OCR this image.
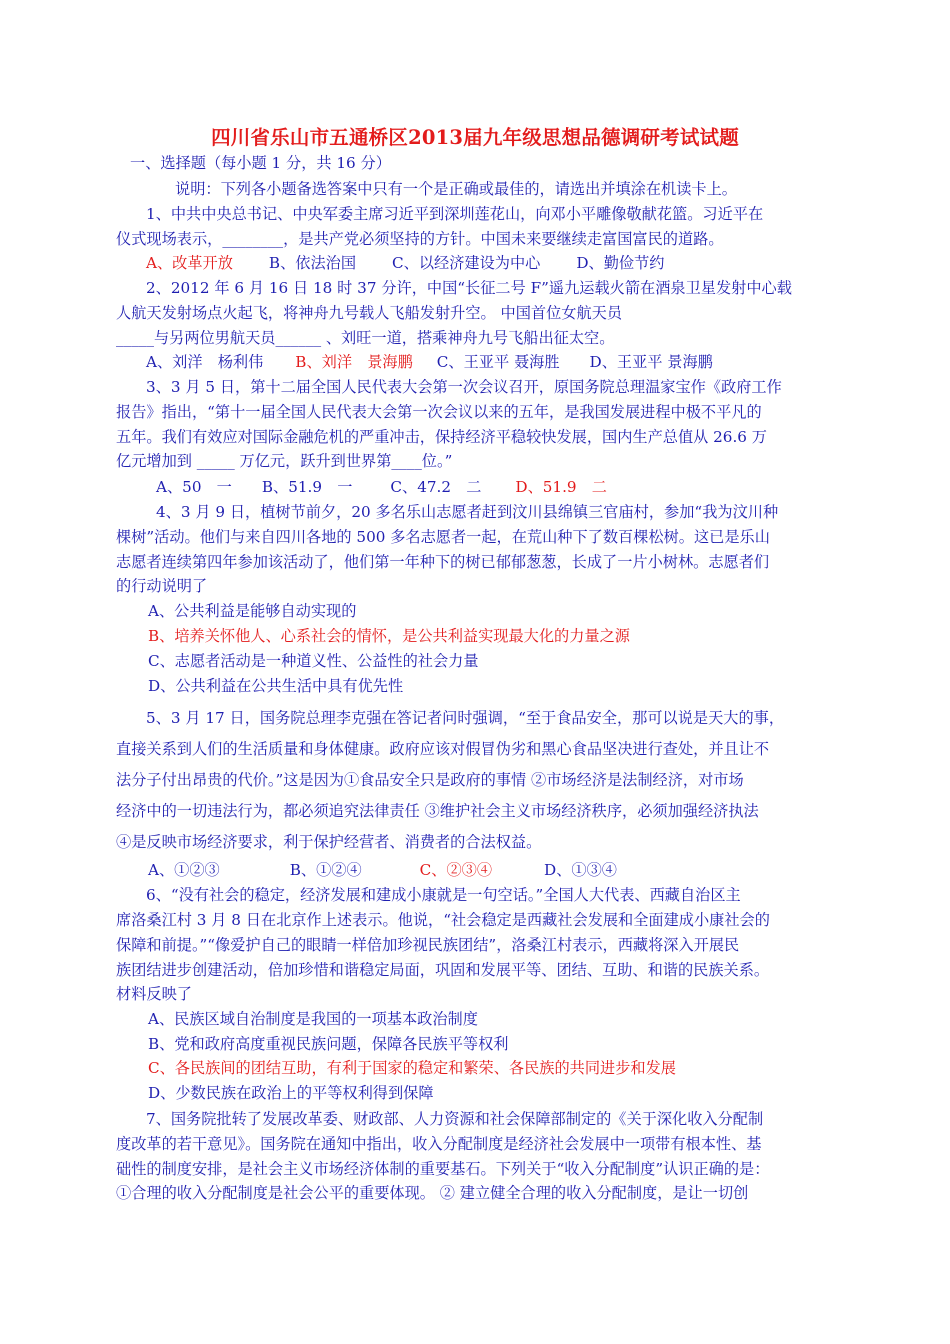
四川省乐山市五通桥区2013届九年级思想品德调研考试试题
一、选择题（每小题 1 分，共 16 分）
说明：下列各小题备选答案中只有一个是正确或最佳的，请选出并填涂在机读卡上。
1、中共中央总书记、中央军委主席习近平到深圳莲花山，向邓小平雕像敬献花篮。习近平在
仪式现场表示，________，是共产党必须坚持的方针。中国未来要继续走富国富民的道路。
A、改革开放 B、依法治国 C、以经济建设为中心 D、勤俭节约
2、2012 年 6 月 16 日 18 时 37 分许，中国“长征二号 F”遥九运载火箭在酒泉卫星发射中心载
人航天发射场点火起飞，将神舟九号载人飞船发射升空。 中国首位女航天员
_____与另两位男航天员______ 、刘旺一道，搭乘神舟九号飞船出征太空。
A、刘洋　杨利伟 B、刘洋　景海鹏 C、王亚平 聂海胜 D、王亚平 景海鹏
3、3 月 5 日，第十二届全国人民代表大会第一次会议召开，原国务院总理温家宝作《政府工作
报告》指出，“第十一届全国人民代表大会第一次会议以来的五年，是我国发展进程中极不平凡的
五年。我们有效应对国际金融危机的严重冲击，保持经济平稳较快发展，国内生产总值从 26.6 万
亿元增加到 _____ 万亿元，跃升到世界第____位。”
A、50　一 B、51.9　一	C、47.2　二 D、51.9　二
4、3 月 9 日，植树节前夕，20 多名乐山志愿者赶到汶川县绵镇三官庙村，参加“我为汶川种
棵树”活动。他们与来自四川各地的 500 多名志愿者一起，在荒山种下了数百棵松树。这已是乐山
志愿者连续第四年参加该活动了，他们第一年种下的树已郁郁葱葱，长成了一片小树林。志愿者们
的行动说明了
A、公共利益是能够自动实现的
B、培养关怀他人、心系社会的情怀，是公共利益实现最大化的力量之源
C、志愿者活动是一种道义性、公益性的社会力量
D、公共利益在公共生活中具有优先性
5、3 月 17 日，国务院总理李克强在答记者问时强调，“至于食品安全，那可以说是天大的事，
直接关系到人们的生活质量和身体健康。政府应该对假冒伪劣和黑心食品坚决进行查处，并且让不
法分子付出昂贵的代价。”这是因为①食品安全只是政府的事情 ②市场经济是法制经济，对市场
经济中的一切违法行为，都必须追究法律责任 ③维护社会主义市场经济秩序，必须加强经济执法
④是反映市场经济要求，利于保护经营者、消费者的合法权益。
A、①②③	B、①②④	C、②③④	D、①③④
6、“没有社会的稳定，经济发展和建成小康就是一句空话。”全国人大代表、西藏自治区主
席洛桑江村 3 月 8 日在北京作上述表示。他说，“社会稳定是西藏社会发展和全面建成小康社会的
保障和前提。”“像爱护自己的眼睛一样倍加珍视民族团结”，洛桑江村表示，西藏将深入开展民
族团结进步创建活动，倍加珍惜和谐稳定局面，巩固和发展平等、团结、互助、和谐的民族关系。
材料反映了
A、民族区域自治制度是我国的一项基本政治制度
B、党和政府高度重视民族问题，保障各民族平等权利
C、各民族间的团结互助，有利于国家的稳定和繁荣、各民族的共同进步和发展
D、少数民族在政治上的平等权利得到保障
7、国务院批转了发展改革委、财政部、人力资源和社会保障部制定的《关于深化收入分配制
度改革的若干意见》。国务院在通知中指出，收入分配制度是经济社会发展中一项带有根本性、基
础性的制度安排，是社会主义市场经济体制的重要基石。下列关于“收入分配制度”认识正确的是：
①合理的收入分配制度是社会公平的重要体现。 ② 建立健全合理的收入分配制度，是让一切创
